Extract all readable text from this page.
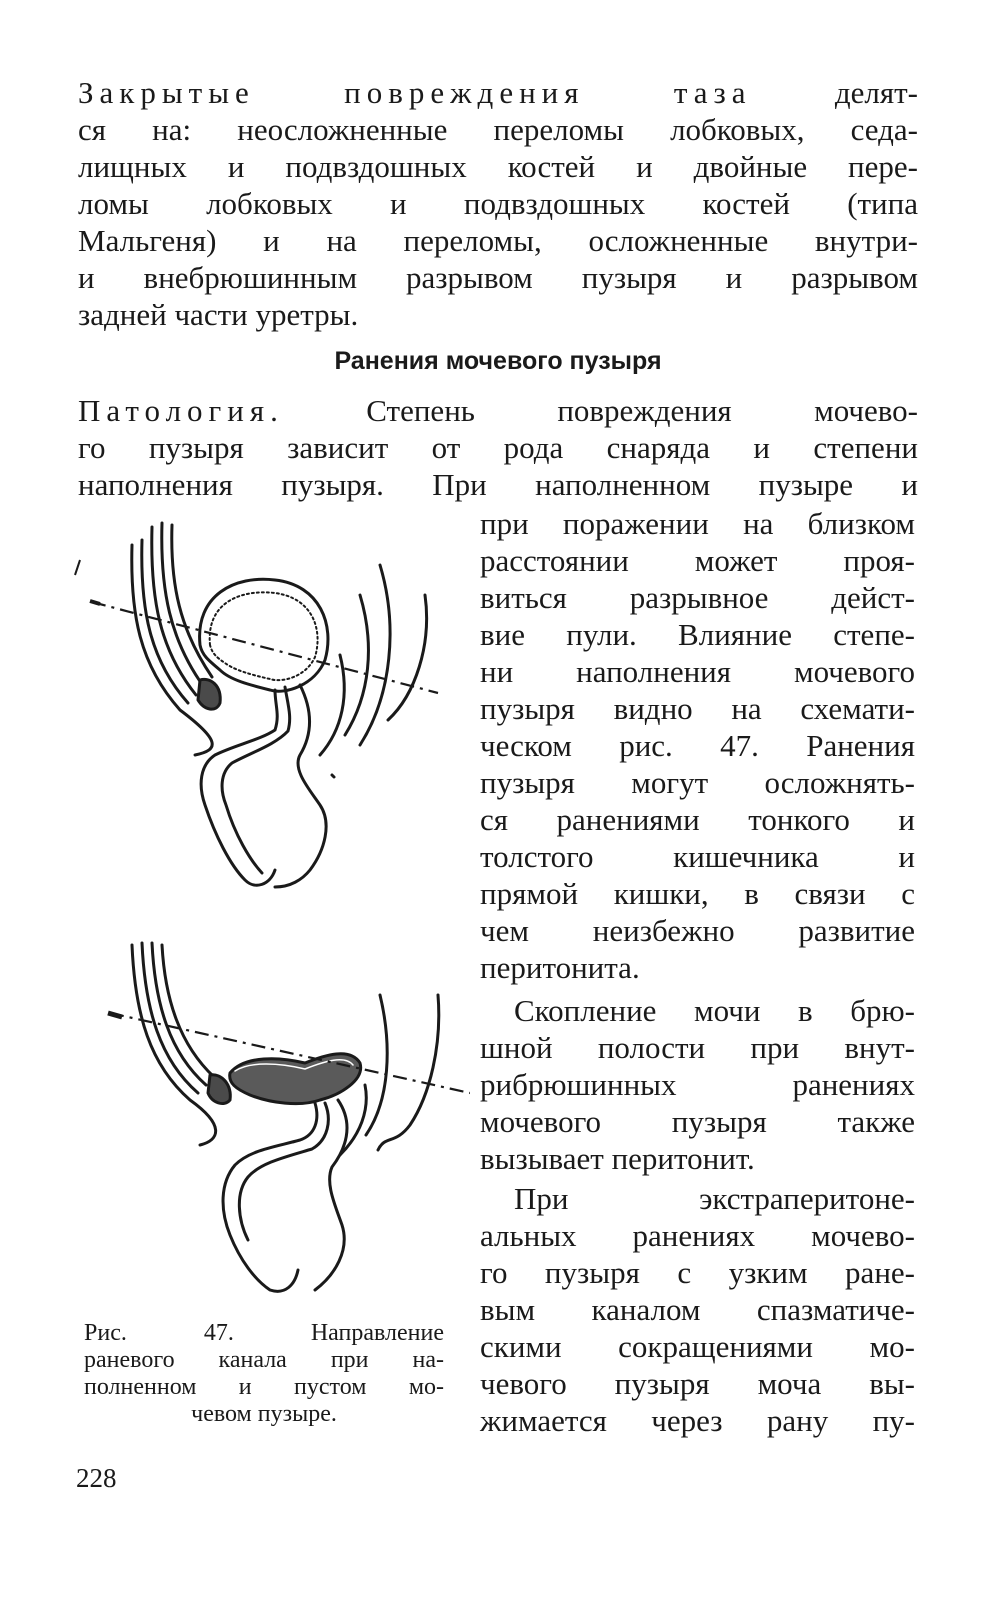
Закрытые повреждения таза	делят-
ся на: неосложненные переломы лобковых, седа-
лищных и подвздошных костей и двойные пере-
ломы лобковых и подвздошных костей (типа
Мальгеня) и на переломы, осложненные внутри-
и внебрюшинным разрывом пузыря и разрывом
задней части уретры.
Ранения мочевого пузыря
Патология.	Степень повреждения мочево-
го пузыря зависит от рода снаряда и степени
наполнения пузыря. При наполненном пузыре и
при поражении на близком
расстоянии может проя-
виться разрывное дейст-
вие пули. Влияние степе-
ни наполнения мочевого
пузыря видно на схемати-
ческом рис. 47. Ранения
пузыря могут осложнять-
ся ранениями тонкого и
толстого кишечника и
прямой кишки, в связи с
чем неизбежно развитие
перитонита.
Скопление мочи в брю-
шной полости при внут-
рибрюшинных ранениях
мочевого пузыря также
вызывает перитонит.
При экстраперитоне-
альных ранениях мочево-
го пузыря с узким ране-
вым каналом спазматиче-
скими сокращениями мо-
чевого пузыря моча вы-
жимается через рану пу-
Рис. 47. Направление
раневого канала при на-
полненном и пустом мо-
чевом пузыре.
228
